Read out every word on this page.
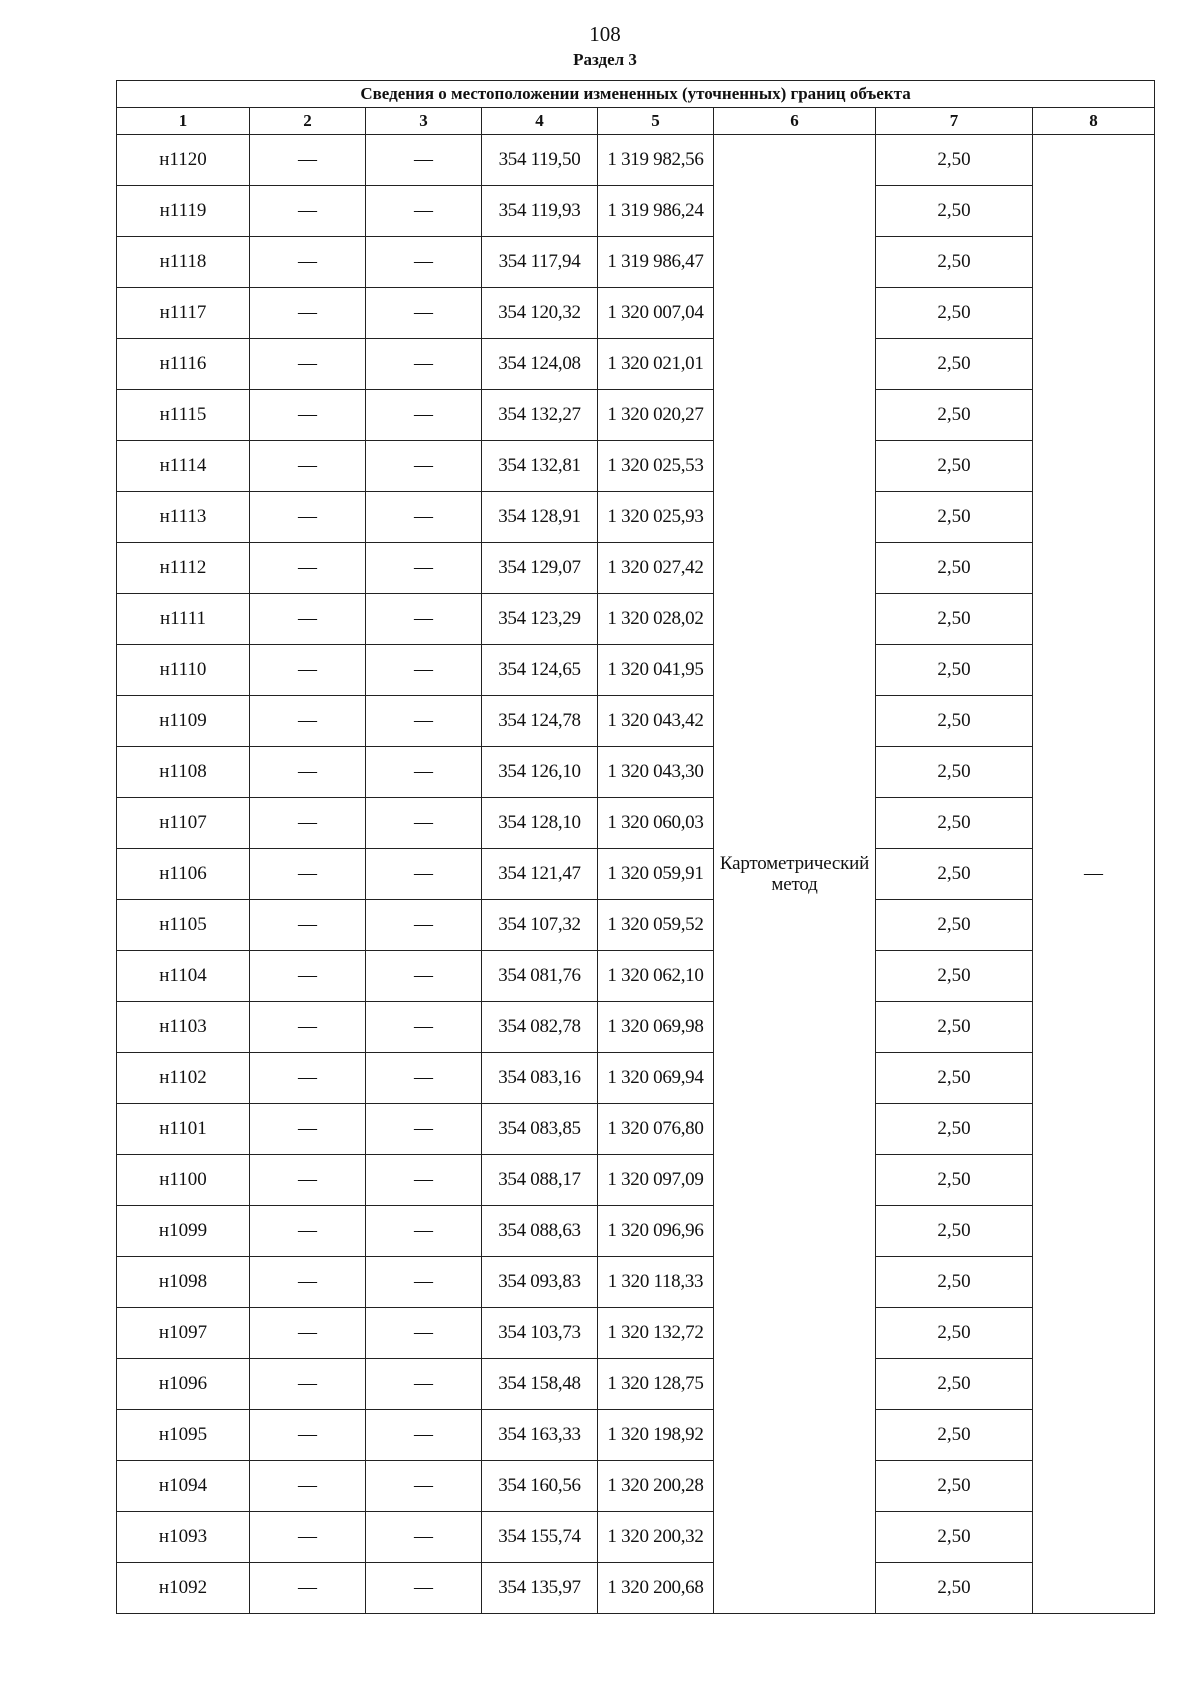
108
Раздел 3
Сведения о местоположении измененных (уточненных) границ объекта							
1	2	3	4	5	6	7	8
н1120	—	—	354 119,50	1 319 982,56	Картометрический метод	2,50	—
н1119	—	—	354 119,93	1 319 986,24		2,50	
н1118	—	—	354 117,94	1 319 986,47		2,50	
н1117	—	—	354 120,32	1 320 007,04		2,50	
н1116	—	—	354 124,08	1 320 021,01		2,50	
н1115	—	—	354 132,27	1 320 020,27		2,50	
н1114	—	—	354 132,81	1 320 025,53		2,50	
н1113	—	—	354 128,91	1 320 025,93		2,50	
н1112	—	—	354 129,07	1 320 027,42		2,50	
н1111	—	—	354 123,29	1 320 028,02		2,50	
н1110	—	—	354 124,65	1 320 041,95		2,50	
н1109	—	—	354 124,78	1 320 043,42		2,50	
н1108	—	—	354 126,10	1 320 043,30		2,50	
н1107	—	—	354 128,10	1 320 060,03		2,50	
н1106	—	—	354 121,47	1 320 059,91		2,50	
н1105	—	—	354 107,32	1 320 059,52		2,50	
н1104	—	—	354 081,76	1 320 062,10		2,50	
н1103	—	—	354 082,78	1 320 069,98		2,50	
н1102	—	—	354 083,16	1 320 069,94		2,50	
н1101	—	—	354 083,85	1 320 076,80		2,50	
н1100	—	—	354 088,17	1 320 097,09		2,50	
н1099	—	—	354 088,63	1 320 096,96		2,50	
н1098	—	—	354 093,83	1 320 118,33		2,50	
н1097	—	—	354 103,73	1 320 132,72		2,50	
н1096	—	—	354 158,48	1 320 128,75		2,50	
н1095	—	—	354 163,33	1 320 198,92		2,50	
н1094	—	—	354 160,56	1 320 200,28		2,50	
н1093	—	—	354 155,74	1 320 200,32		2,50	
н1092	—	—	354 135,97	1 320 200,68		2,50	
